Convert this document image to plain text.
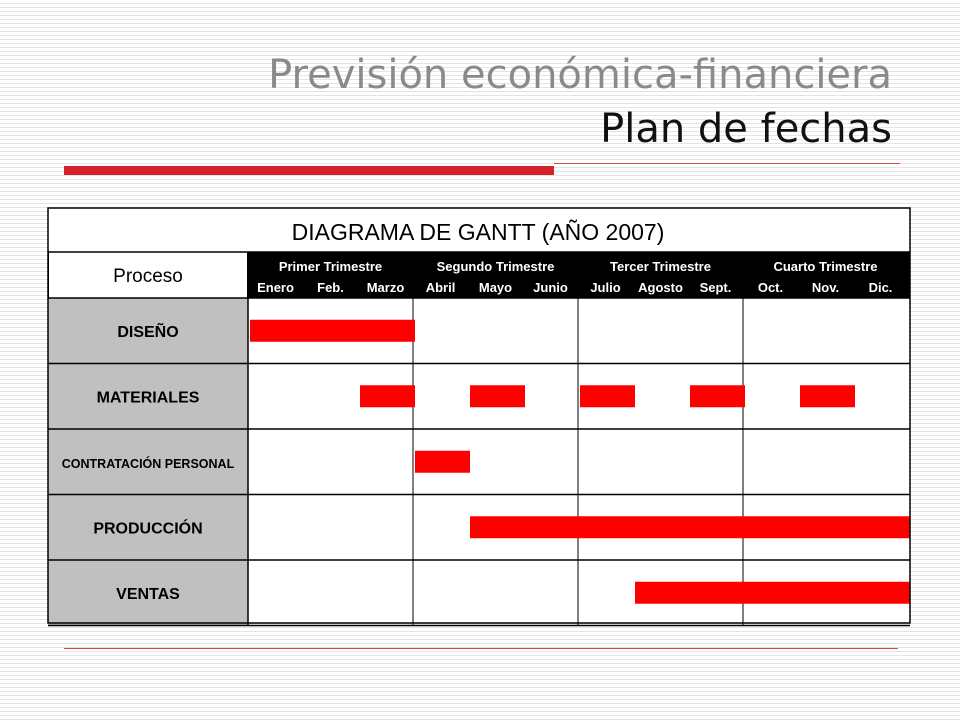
Previsión económica-financiera
Plan de fechas
Proceso	Primer Trimestre	Segundo Trimestre	Tercer Trimestre	Cuarto Trimestre
Enero Feb. Marzo Abril Mayo Junio Julio Agosto Sept. Oct. Nov. Dic.
DISEÑO
MATERIALES
CONTRATACIÓN PERSONAL
PRODUCCIÓN
VENTAS
DIAGRAMA DE GANTT (AÑO 2007)
